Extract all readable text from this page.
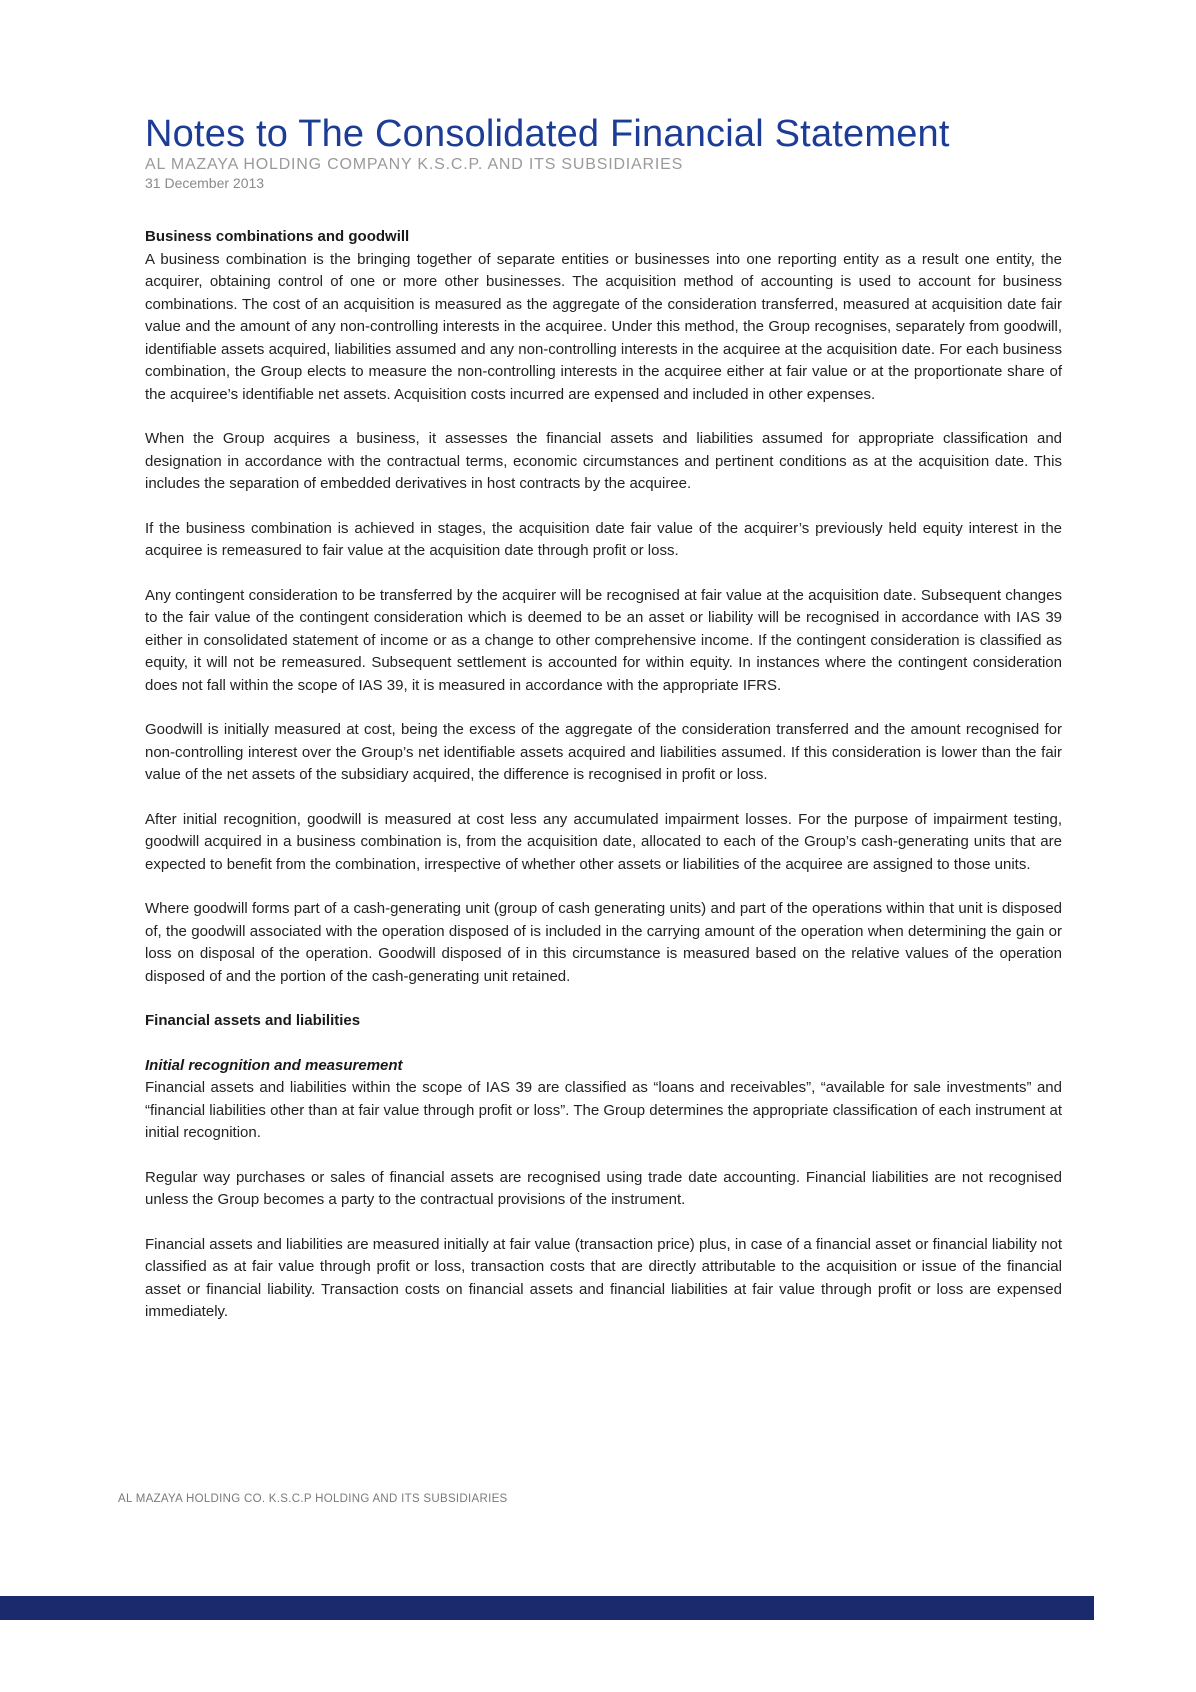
Notes to The Consolidated Financial Statement
AL MAZAYA HOLDING COMPANY K.S.C.P. AND ITS SUBSIDIARIES
31 December 2013
Business combinations and goodwill

A business combination is the bringing together of separate entities or businesses into one reporting entity as a result one entity, the acquirer, obtaining control of one or more other businesses. The acquisition method of accounting is used to account for business combinations. The cost of an acquisition is measured as the aggregate of the consideration transferred, measured at acquisition date fair value and the amount of any non-controlling interests in the acquiree. Under this method, the Group recognises, separately from goodwill, identifiable assets acquired, liabilities assumed and any non-controlling interests in the acquiree at the acquisition date. For each business combination, the Group elects to measure the non-controlling interests in the acquiree either at fair value or at the proportionate share of the acquiree’s identifiable net assets. Acquisition costs incurred are expensed and included in other expenses.

When the Group acquires a business, it assesses the financial assets and liabilities assumed for appropriate classification and designation in accordance with the contractual terms, economic circumstances and pertinent conditions as at the acquisition date. This includes the separation of embedded derivatives in host contracts by the acquiree.

If the business combination is achieved in stages, the acquisition date fair value of the acquirer’s previously held equity interest in the acquiree is remeasured to fair value at the acquisition date through profit or loss.

Any contingent consideration to be transferred by the acquirer will be recognised at fair value at the acquisition date. Subsequent changes to the fair value of the contingent consideration which is deemed to be an asset or liability will be recognised in accordance with IAS 39 either in consolidated statement of income or as a change to other comprehensive income. If the contingent consideration is classified as equity, it will not be remeasured. Subsequent settlement is accounted for within equity. In instances where the contingent consideration does not fall within the scope of IAS 39, it is measured in accordance with the appropriate IFRS.

Goodwill is initially measured at cost, being the excess of the aggregate of the consideration transferred and the amount recognised for non-controlling interest over the Group’s net identifiable assets acquired and liabilities assumed. If this consideration is lower than the fair value of the net assets of the subsidiary acquired, the difference is recognised in profit or loss.

After initial recognition, goodwill is measured at cost less any accumulated impairment losses. For the purpose of impairment testing, goodwill acquired in a business combination is, from the acquisition date, allocated to each of the Group’s cash-generating units that are expected to benefit from the combination, irrespective of whether other assets or liabilities of the acquiree are assigned to those units.

Where goodwill forms part of a cash-generating unit (group of cash generating units) and part of the operations within that unit is disposed of, the goodwill associated with the operation disposed of is included in the carrying amount of the operation when determining the gain or loss on disposal of the operation. Goodwill disposed of in this circumstance is measured based on the relative values of the operation disposed of and the portion of the cash-generating unit retained.

Financial assets and liabilities
Initial recognition and measurement

Financial assets and liabilities within the scope of IAS 39 are classified as “loans and receivables”, “available for sale investments” and “financial liabilities other than at fair value through profit or loss”. The Group determines the appropriate classification of each instrument at initial recognition.

Regular way purchases or sales of financial assets are recognised using trade date accounting. Financial liabilities are not recognised unless the Group becomes a party to the contractual provisions of the instrument.

Financial assets and liabilities are measured initially at fair value (transaction price) plus, in case of a financial asset or financial liability not classified as at fair value through profit or loss, transaction costs that are directly attributable to the acquisition or issue of the financial asset or financial liability. Transaction costs on financial assets and financial liabilities at fair value through profit or loss are expensed immediately.

AL MAZAYA HOLDING CO. K.S.C.P HOLDING AND ITS SUBSIDIARIES
